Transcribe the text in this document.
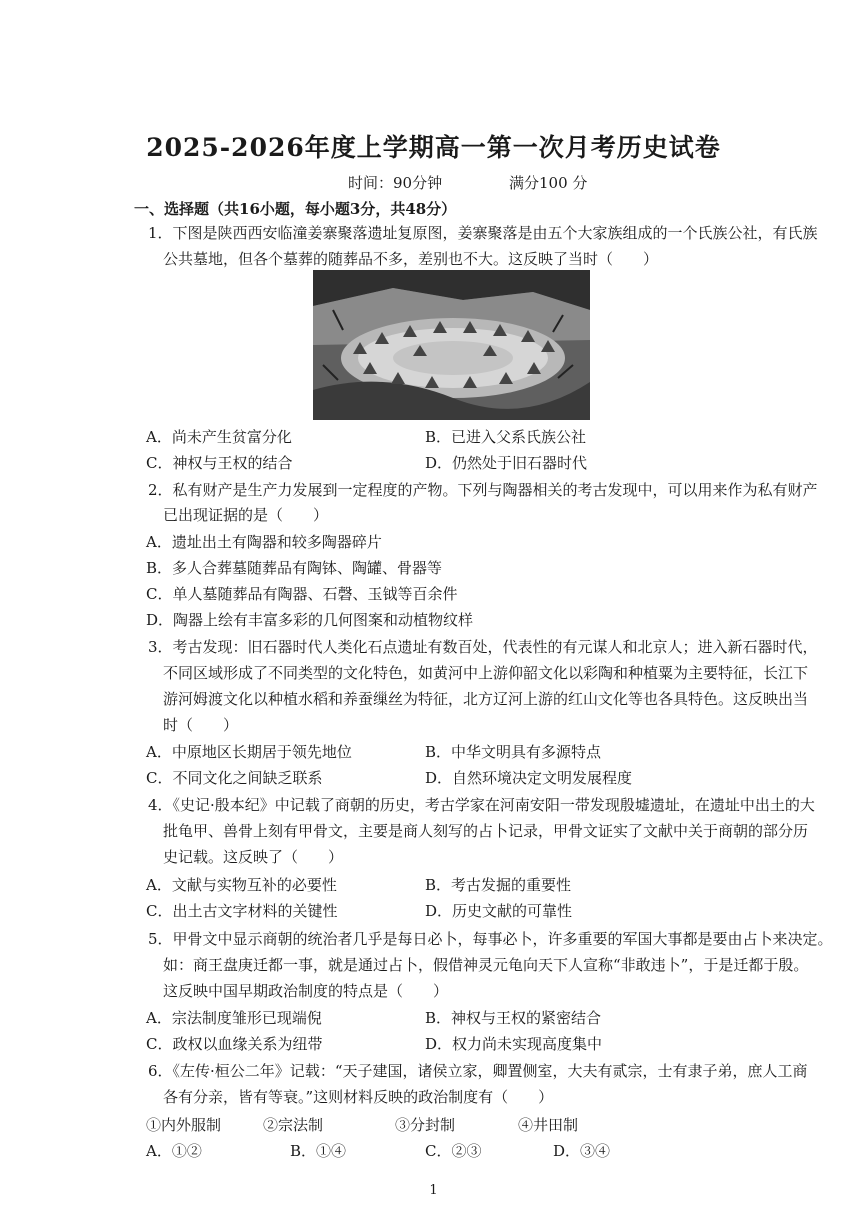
2025-2026年度上学期高一第一次月考历史试卷
时间：90分钟	满分100 分
一、选择题（共16小题，每小题3分，共48分）
1．下图是陕西西安临潼姜寨聚落遗址复原图，姜寨聚落是由五个大家族组成的一个氏族公社，有氏族
公共墓地，但各个墓葬的随葬品不多，差别也不大。这反映了当时（　　）
A．尚未产生贫富分化	B．已进入父系氏族公社
C．神权与王权的结合	D．仍然处于旧石器时代
2．私有财产是生产力发展到一定程度的产物。下列与陶器相关的考古发现中，可以用来作为私有财产
已出现证据的是（　　）
A．遗址出土有陶器和较多陶器碎片
B．多人合葬墓随葬品有陶钵、陶罐、骨器等
C．单人墓随葬品有陶器、石磬、玉钺等百余件
D．陶器上绘有丰富多彩的几何图案和动植物纹样
3．考古发现：旧石器时代人类化石点遗址有数百处，代表性的有元谋人和北京人；进入新石器时代，
不同区域形成了不同类型的文化特色，如黄河中上游仰韶文化以彩陶和种植粟为主要特征，长江下
游河姆渡文化以种植水稻和养蚕缫丝为特征，北方辽河上游的红山文化等也各具特色。这反映出当
时（　　）
A．中原地区长期居于领先地位	B．中华文明具有多源特点
C．不同文化之间缺乏联系	D．自然环境决定文明发展程度
4．《史记·殷本纪》中记载了商朝的历史，考古学家在河南安阳一带发现殷墟遗址，在遗址中出土的大
批龟甲、兽骨上刻有甲骨文，主要是商人刻写的占卜记录，甲骨文证实了文献中关于商朝的部分历
史记载。这反映了（　　）
A．文献与实物互补的必要性	B．考古发掘的重要性
C．出土古文字材料的关键性	D．历史文献的可靠性
5．甲骨文中显示商朝的统治者几乎是每日必卜，每事必卜，许多重要的军国大事都是要由占卜来决定。
如：商王盘庚迁都一事，就是通过占卜，假借神灵元龟向天下人宣称“非敢违卜”，于是迁都于殷。
这反映中国早期政治制度的特点是（　　）
A．宗法制度雏形已现端倪	B．神权与王权的紧密结合
C．政权以血缘关系为纽带	D．权力尚未实现高度集中
6．《左传·桓公二年》记载：“天子建国，诸侯立家，卿置侧室，大夫有贰宗，士有隶子弟，庶人工商
各有分亲，皆有等衰。”这则材料反映的政治制度有（　　）
①内外服制	②宗法制	③分封制	④井田制
A．①②	B．①④	C．②③	D．③④
1
